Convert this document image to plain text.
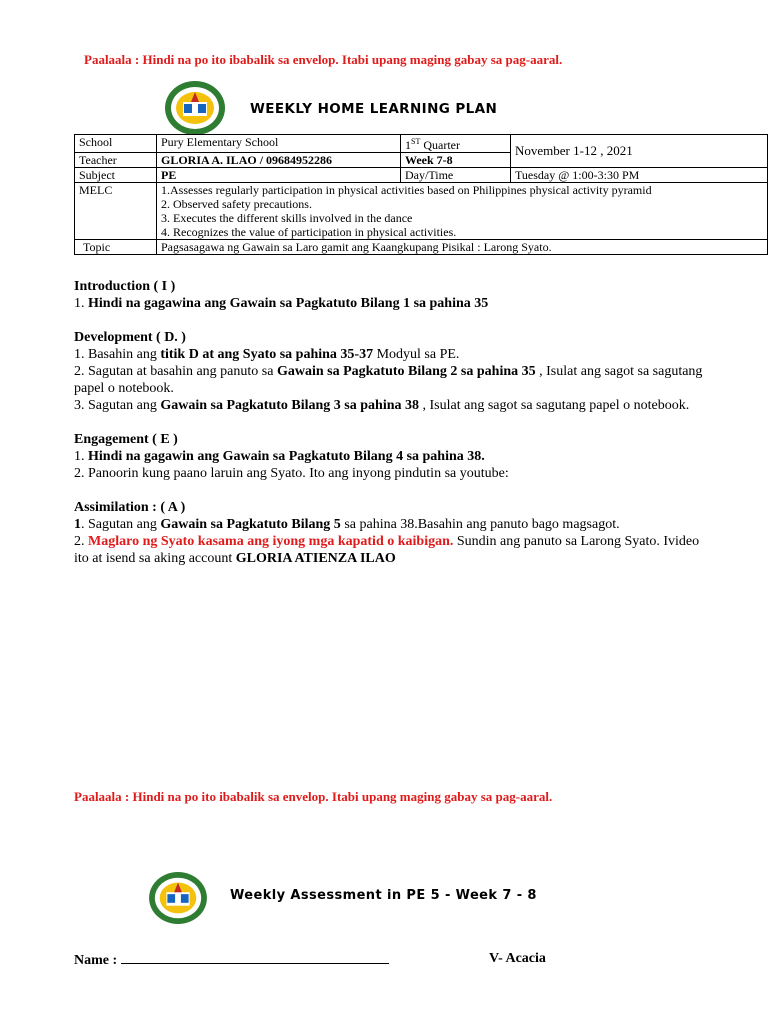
Paalaala : Hindi na po ito ibabalik sa envelop. Itabi upang maging gabay sa pag-aaral.
WEEKLY HOME LEARNING PLAN
School	Pury Elementary School	1ST Quarter	November 1-12 , 2021
Teacher	GLORIA A. ILAO / 09684952286	Week 7-8	
Subject	PE	Day/Time	Tuesday @ 1:00-3:30 PM
MELC	1.Assesses regularly participation in physical activities based on Philippines physical activity pyramid
2. Observed safety precautions.
3. Executes the different skills involved in the dance
4. Recognizes the value of participation in physical activities.		

Topic	Pagsasagawa ng Gawain sa Laro gamit ang Kaangkupang Pisikal : Larong Syato.		

Introduction ( I )

1. Hindi na gagawina ang Gawain sa Pagkatuto Bilang 1 sa pahina 35

Development ( D. )

1. Basahin ang titik D at ang Syato sa pahina 35-37 Modyul sa PE.

2. Sagutan at basahin ang panuto sa Gawain sa Pagkatuto Bilang 2 sa pahina 35 , Isulat ang sagot sa sagutang papel o notebook.

3. Sagutan ang Gawain sa Pagkatuto Bilang 3 sa pahina 38 , Isulat ang sagot sa sagutang papel o notebook.

Engagement ( E )

1. Hindi na gagawin ang Gawain sa Pagkatuto Bilang 4 sa pahina 38.

2. Panoorin kung paano laruin ang Syato. Ito ang inyong pindutin sa youtube:

Assimilation : ( A )

1. Sagutan ang Gawain sa Pagkatuto Bilang 5 sa pahina 38.Basahin ang panuto bago magsagot.

2. Maglaro ng Syato kasama ang iyong mga kapatid o kaibigan. Sundin ang panuto sa Larong Syato. Ivideo ito at isend sa aking account GLORIA ATIENZA ILAO

Paalaala : Hindi na po ito ibabalik sa envelop. Itabi upang maging gabay sa pag-aaral.
Weekly Assessment in PE 5 - Week 7 - 8
Name :	V- Acacia
